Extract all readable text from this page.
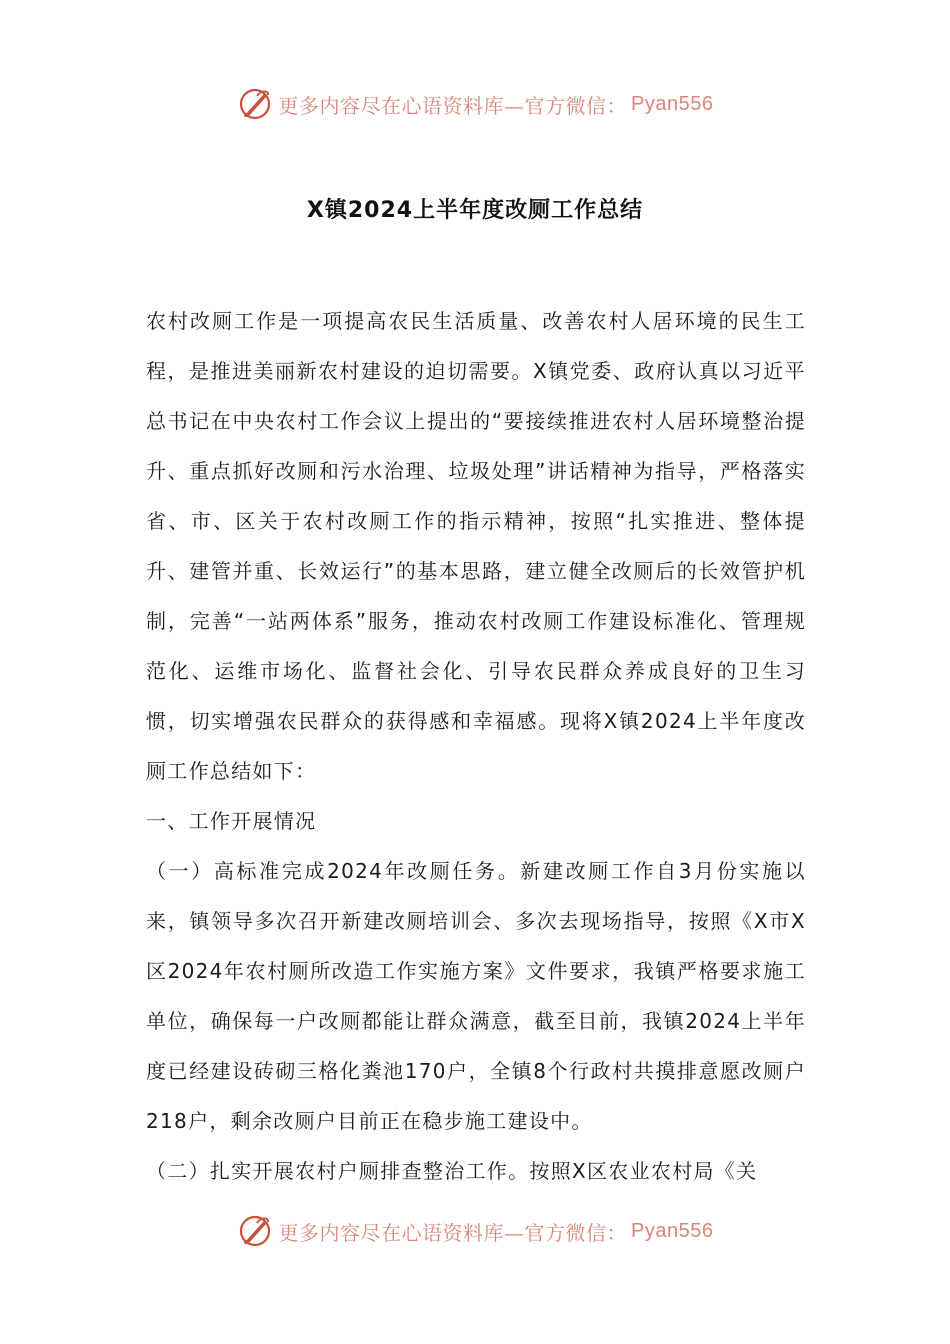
更多内容尽在心语资料库—官方微信： Pyan556
X镇2024上半年度改厕工作总结

农村改厕工作是一项提高农民生活质量、改善农村人居环境的民生工程，是推进美丽新农村建设的迫切需要。X镇党委、政府认真以习近平总书记在中央农村工作会议上提出的“要接续推进农村人居环境整治提升、重点抓好改厕和污水治理、垃圾处理”讲话精神为指导，严格落实省、市、区关于农村改厕工作的指示精神，按照“扎实推进、整体提升、建管并重、长效运行”的基本思路，建立健全改厕后的长效管护机制，完善“一站两体系”服务，推动农村改厕工作建设标准化、管理规范化、运维市场化、监督社会化、引导农民群众养成良好的卫生习惯，切实增强农民群众的获得感和幸福感。现将X镇2024上半年度改厕工作总结如下：

一、工作开展情况

（一）高标准完成2024年改厕任务。新建改厕工作自3月份实施以来，镇领导多次召开新建改厕培训会、多次去现场指导，按照《X市X区2024年农村厕所改造工作实施方案》文件要求，我镇严格要求施工单位，确保每一户改厕都能让群众满意，截至目前，我镇2024上半年度已经建设砖砌三格化粪池170户，全镇8个行政村共摸排意愿改厕户218户，剩余改厕户目前正在稳步施工建设中。

（二）扎实开展农村户厕排查整治工作。按照X区农业农村局《关

更多内容尽在心语资料库—官方微信： Pyan556
